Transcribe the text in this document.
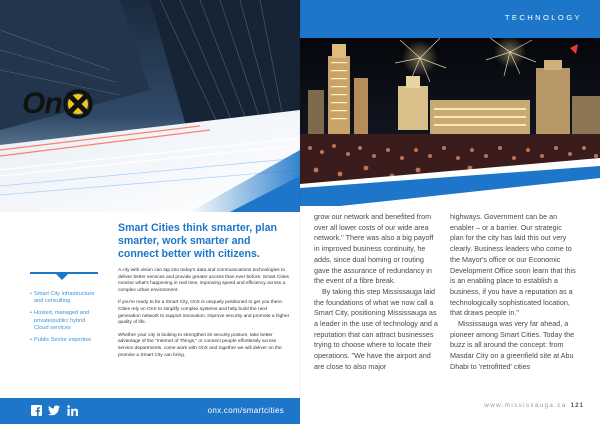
On
Smart Cities think smarter, plan smarter, work smarter and connect better with citizens.
• Smart City infrastructure and consulting
• Hosted, managed and private/public/ hybrid Cloud services
• Public Sector expertise

A city with vision can tap into today's data and communications technologies to deliver better services and provide greater access than ever before. Smart Cities monitor what's happening in real time, improving speed and efficiency across a complex urban environment.

If you're ready to be a Smart City, OnX is uniquely positioned to get you there. Cities rely on OnX to simplify complex systems and help build the next generation network to support innovation, improve security and promote a higher quality of life.

Whether your city is looking to strengthen its security posture, take better advantage of the "Internet of Things," or connect people effortlessly across service departments, come work with OnX and together we will deliver on the promise a Smart City can bring.

onx.com/smartcities
TECHNOLOGY

grow our network and benefited from over all lower costs of our wide area network." There was also a big payoff in improved business continuity, he adds, since dual homing or routing gave the assurance of redundancy in the event of a fibre break.

By taking this step Mississauga laid the foundations of what we now call a Smart City, positioning Mississauga as a leader in the use of technology and a reputation that can attract businesses trying to choose where to locate their operations. "We have the airport and are close to also major

highways. Government can be an enabler – or a barrier. Our strategic plan for the city has laid this out very clearly. Business leaders who come to the Mayor's office or our Economic Development Office soon learn that this is an enabling place to establish a business, if you have a reputation as a technologically sophisticated location, that draws people in."

Mississauga was very far ahead, a pioneer among Smart Cities. Today the buzz is all around the concept: from Masdar City on a greenfield site at Abu Dhabi to 'retrofitted' cities

www.mississauga.ca 121
